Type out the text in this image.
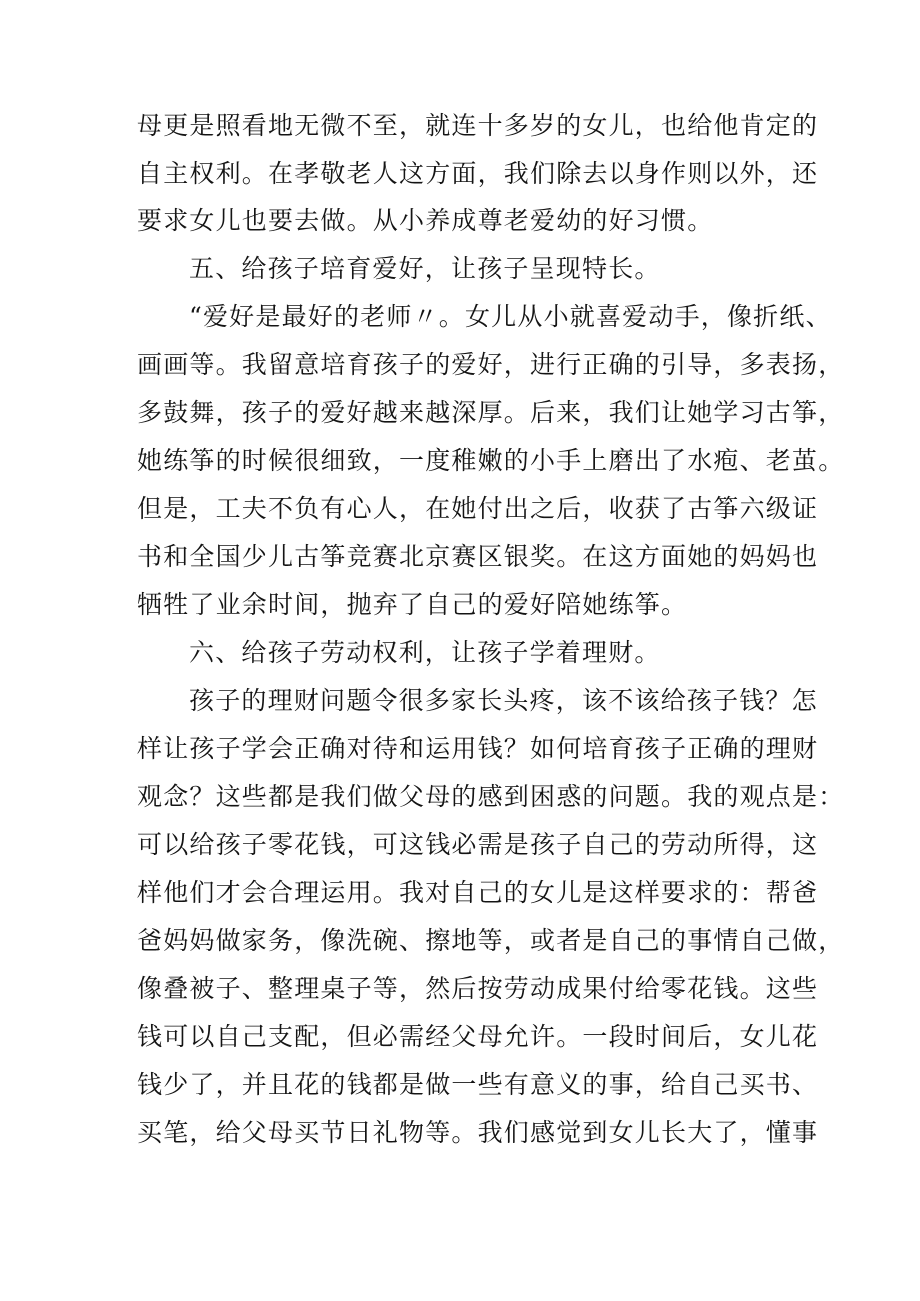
母更是照看地无微不至，就连十多岁的女儿，也给他肯定的
自主权利。在孝敬老人这方面，我们除去以身作则以外，还
要求女儿也要去做。从小养成尊老爱幼的好习惯。
五、给孩子培育爱好，让孩子呈现特长。
“爱好是最好的老师〃。女儿从小就喜爱动手，像折纸、
画画等。我留意培育孩子的爱好，进行正确的引导，多表扬，
多鼓舞，孩子的爱好越来越深厚。后来，我们让她学习古筝，
她练筝的时候很细致，一度稚嫩的小手上磨出了水疱、老茧。
但是，工夫不负有心人，在她付出之后，收获了古筝六级证
书和全国少儿古筝竞赛北京赛区银奖。在这方面她的妈妈也
牺牲了业余时间，抛弃了自己的爱好陪她练筝。
六、给孩子劳动权利，让孩子学着理财。
孩子的理财问题令很多家长头疼，该不该给孩子钱？怎
样让孩子学会正确对待和运用钱？如何培育孩子正确的理财
观念？这些都是我们做父母的感到困惑的问题。我的观点是：
可以给孩子零花钱，可这钱必需是孩子自己的劳动所得，这
样他们才会合理运用。我对自己的女儿是这样要求的：帮爸
爸妈妈做家务，像洗碗、擦地等，或者是自己的事情自己做，
像叠被子、整理桌子等，然后按劳动成果付给零花钱。这些
钱可以自己支配，但必需经父母允许。一段时间后，女儿花
钱少了，并且花的钱都是做一些有意义的事，给自己买书、
买笔，给父母买节日礼物等。我们感觉到女儿长大了，懂事
